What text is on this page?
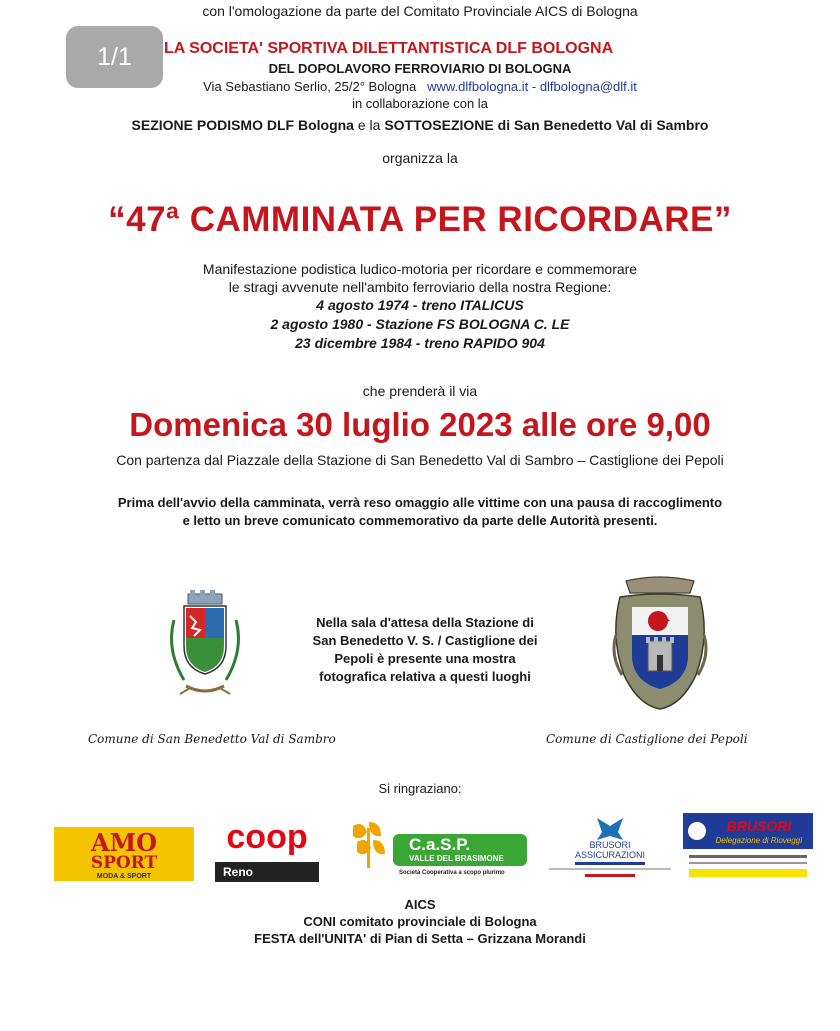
con l'omologazione da parte del Comitato Provinciale AICS di Bologna
1/1 LA SOCIETA' SPORTIVA DILETTANTISTICA DLF BOLOGNA
DEL DOPOLAVORO FERROVIARIO DI BOLOGNA
Via Sebastiano Serlio, 25/2° Bologna www.dlfbologna.it - dlfbologna@dlf.it
in collaborazione con la
SEZIONE PODISMO DLF Bologna e la SOTTOSEZIONE di San Benedetto Val di Sambro
organizza la
“47ª CAMMINATA PER RICORDARE”
Manifestazione podistica ludico-motoria per ricordare e commemorare
le stragi avvenute nell'ambito ferroviario della nostra Regione:
4 agosto 1974 - treno ITALICUS
2 agosto 1980 - Stazione FS BOLOGNA C. LE
23 dicembre 1984 - treno RAPIDO 904
che prenderà il via
Domenica 30 luglio 2023 alle ore 9,00
Con partenza dal Piazzale della Stazione di San Benedetto Val di Sambro – Castiglione dei Pepoli
Prima dell'avvio della camminata, verrà reso omaggio alle vittime con una pausa di raccoglimento
e letto un breve comunicato commemorativo da parte delle Autorità presenti.
Nella sala d'attesa della Stazione di
San Benedetto V. S. / Castiglione dei
Pepoli è presente una mostra
fotografica relativa a questi luoghi
Comune di San Benedetto Val di Sambro	Comune di Castiglione dei Pepoli
Si ringraziano:
AMO
SPORT
MODA & SPORT
coop
Reno
C.a.S.P.
VALLE DEL BRASIMONE
Società Cooperativa a scopo plurimo
BRUSORI
ASSICURAZIONI
BRUSORI
Delegazione di Rioveggì
AICS
CONI comitato provinciale di Bologna
FESTA dell'UNITA' di Pian di Setta – Grizzana Morandi
